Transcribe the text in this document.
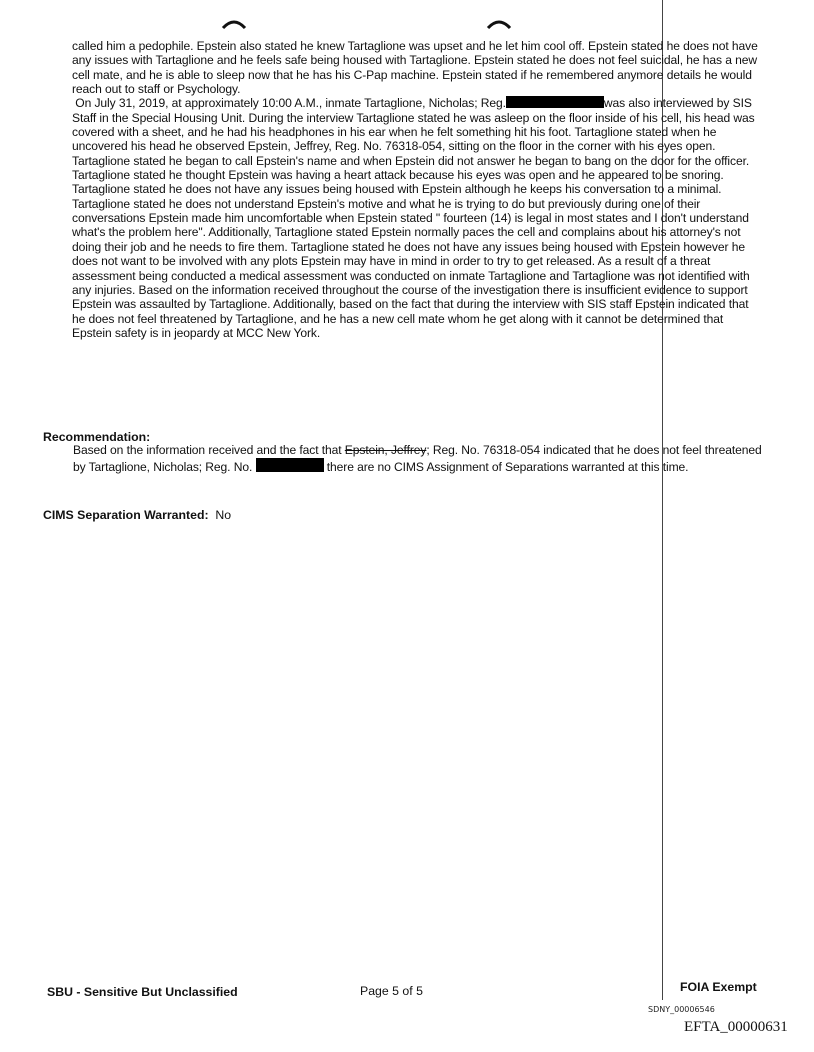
called him a pedophile. Epstein also stated he knew Tartaglione was upset and he let him cool off. Epstein stated he does not have any issues with Tartaglione and he feels safe being housed with Tartaglione. Epstein stated he does not feel suicidal, he has a new cell mate, and he is able to sleep now that he has his C-Pap machine. Epstein stated if he remembered anymore details he would reach out to staff or Psychology.

On July 31, 2019, at approximately 10:00 A.M., inmate Tartaglione, Nicholas; Reg.	was also interviewed by SIS Staff in the Special Housing Unit. During the interview Tartaglione stated he was asleep on the floor inside of his cell, his head was covered with a sheet, and he had his headphones in his ear when he felt something hit his foot. Tartaglione stated when he uncovered his head he observed Epstein, Jeffrey, Reg. No. 76318-054, sitting on the floor in the corner with his eyes open. Tartaglione stated he began to call Epstein's name and when Epstein did not answer he began to bang on the door for the officer. Tartaglione stated he thought Epstein was having a heart attack because his eyes was open and he appeared to be snoring. Tartaglione stated he does not have any issues being housed with Epstein although he keeps his conversation to a minimal. Tartaglione stated he does not understand Epstein's motive and what he is trying to do but previously during one of their conversations Epstein made him uncomfortable when Epstein stated " fourteen (14) is legal in most states and I don't understand what's the problem here". Additionally, Tartaglione stated Epstein normally paces the cell and complains about his attorney's not doing their job and he needs to fire them. Tartaglione stated he does not have any issues being housed with Epstein however he does not want to be involved with any plots Epstein may have in mind in order to try to get released. As a result of a threat assessment being conducted a medical assessment was conducted on inmate Tartaglione and Tartaglione was not identified with any injuries. Based on the information received throughout the course of the investigation there is insufficient evidence to support Epstein was assaulted by Tartaglione. Additionally, based on the fact that during the interview with SIS staff Epstein indicated that he does not feel threatened by Tartaglione, and he has a new cell mate whom he get along with it cannot be determined that Epstein safety is in jeopardy at MCC New York.

Recommendation:
Based on the information received and the fact that Epstein, Jeffrey; Reg. No. 76318-054 indicated that he does not feel threatened by Tartaglione, Nicholas; Reg. No.	there are no CIMS Assignment of Separations warranted at this time.
CIMS Separation Warranted: No
SBU - Sensitive But Unclassified	Page 5 of 5	FOIA Exempt
SDNY_00006546
EFTA_00000631
